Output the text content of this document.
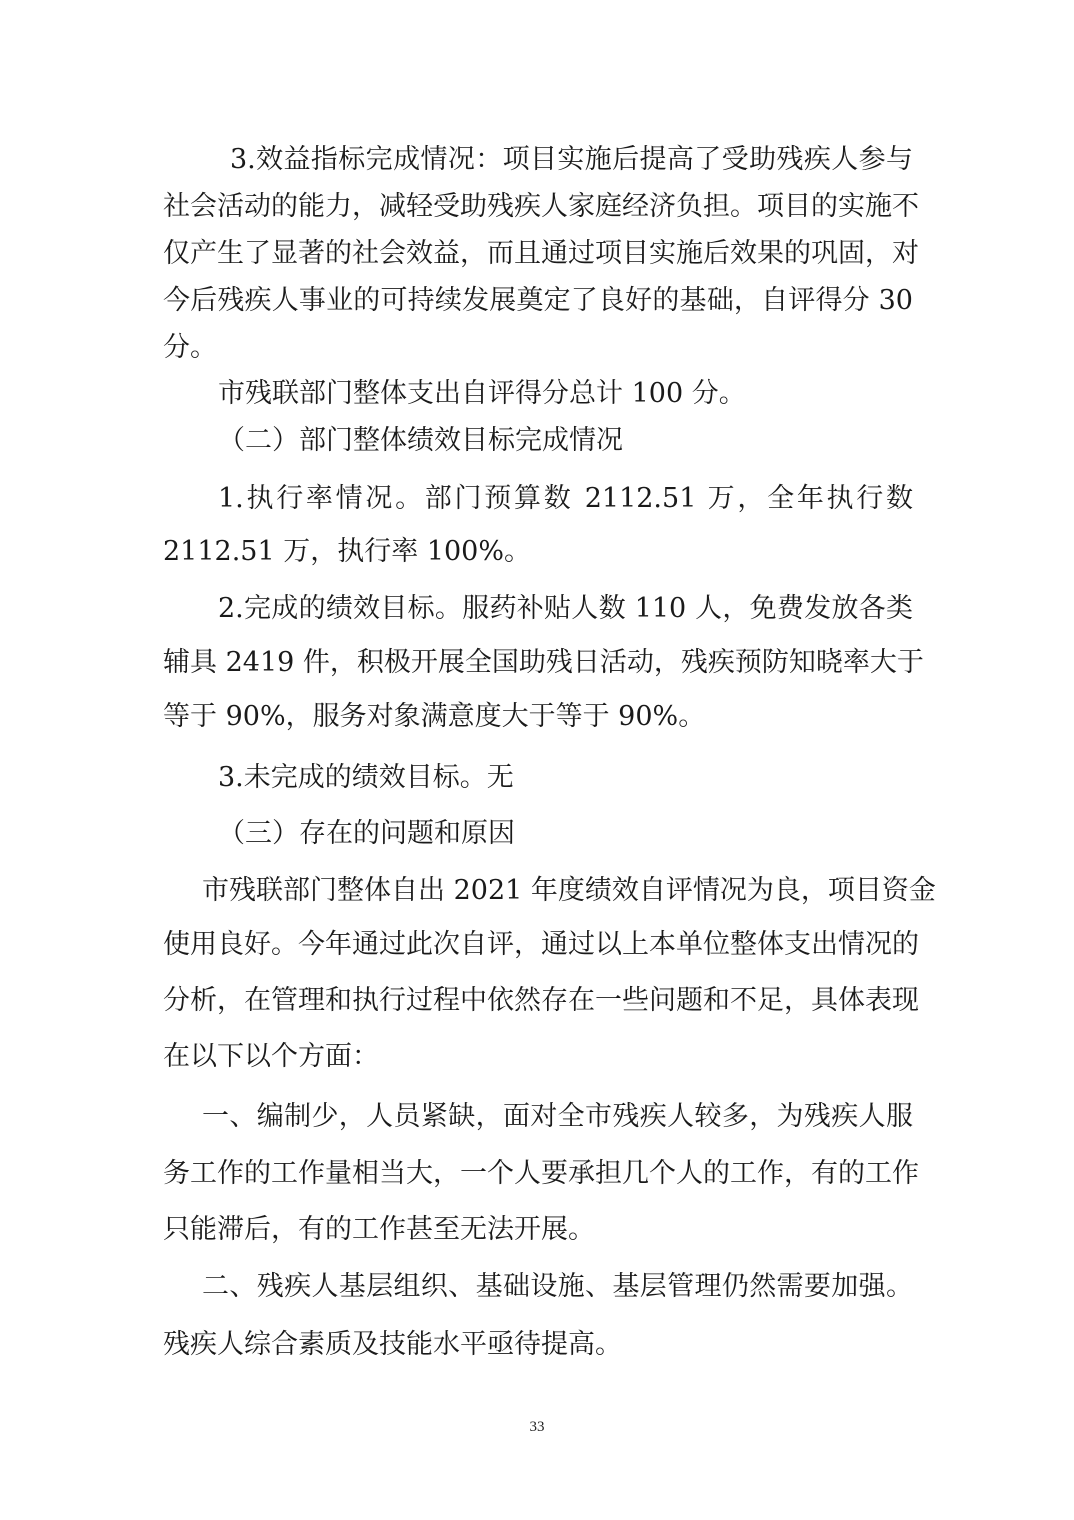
3.效益指标完成情况：项目实施后提高了受助残疾人参与
社会活动的能力，减轻受助残疾人家庭经济负担。项目的实施不
仅产生了显著的社会效益，而且通过项目实施后效果的巩固，对
今后残疾人事业的可持续发展奠定了良好的基础，自评得分 30
分。
市残联部门整体支出自评得分总计 100 分。
（二）部门整体绩效目标完成情况
1.执行率情况。部门预算数 2112.51 万，全年执行数
2112.51 万，执行率 100%。
2.完成的绩效目标。服药补贴人数 110 人，免费发放各类
辅具 2419 件，积极开展全国助残日活动，残疾预防知晓率大于
等于 90%，服务对象满意度大于等于 90%。
3.未完成的绩效目标。无
（三）存在的问题和原因
市残联部门整体自出 2021 年度绩效自评情况为良，项目资金
使用良好。今年通过此次自评，通过以上本单位整体支出情况的
分析，在管理和执行过程中依然存在一些问题和不足，具体表现
在以下以个方面：
一、编制少，人员紧缺，面对全市残疾人较多，为残疾人服
务工作的工作量相当大，一个人要承担几个人的工作，有的工作
只能滞后，有的工作甚至无法开展。
二、残疾人基层组织、基础设施、基层管理仍然需要加强。
残疾人综合素质及技能水平亟待提高。
33
